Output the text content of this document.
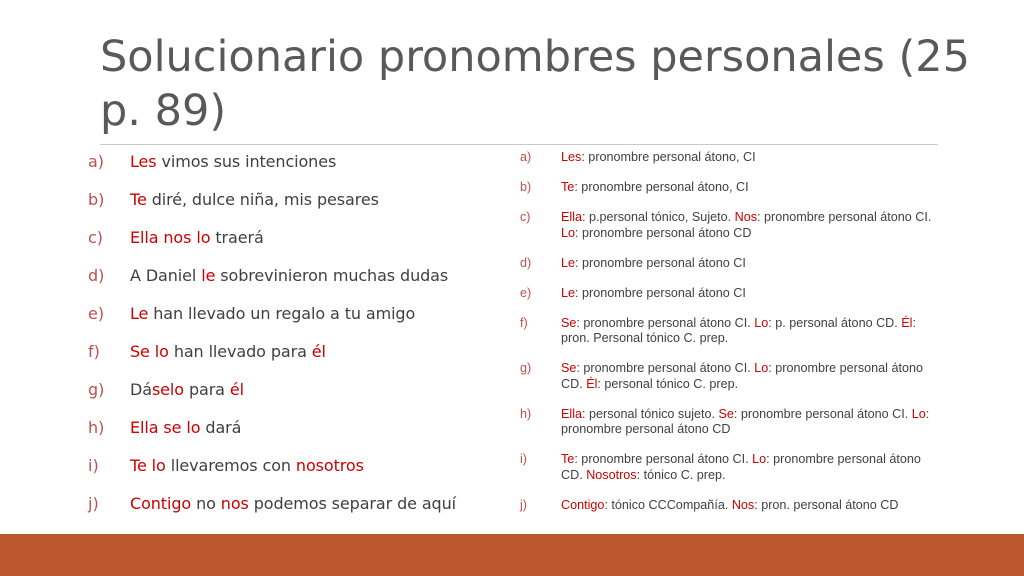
Solucionario pronombres personales (25 p. 89)
a)	Les vimos sus intenciones
b)	Te diré, dulce niña, mis pesares
c)	Ella nos lo traerá
d)	A Daniel le sobrevinieron muchas dudas
e)	Le han llevado un regalo a tu amigo
f)	Se lo han llevado para él
g)	Dáselo para él
h)	Ella se lo dará
i)	Te lo llevaremos con nosotros
j)	Contigo no nos podemos separar de aquí
a)	Les: pronombre personal átono, CI
b)	Te: pronombre personal átono, CI
c)	Ella: p.personal tónico, Sujeto. Nos: pronombre personal átono CI. Lo: pronombre personal átono CD
d)	Le: pronombre personal átono CI
e)	Le: pronombre personal átono CI
f)	Se: pronombre personal átono CI. Lo: p. personal átono CD. Él: pron. Personal tónico C. prep.
g)	Se: pronombre personal átono CI. Lo: pronombre personal átono CD. Él: personal tónico C. prep.
h)	Ella: personal tónico sujeto. Se: pronombre personal átono CI. Lo: pronombre personal átono CD
i)	Te: pronombre personal átono CI. Lo: pronombre personal átono CD. Nosotros: tónico C. prep.
j)	Contigo: tónico CCCompañía. Nos: pron. personal átono CD
